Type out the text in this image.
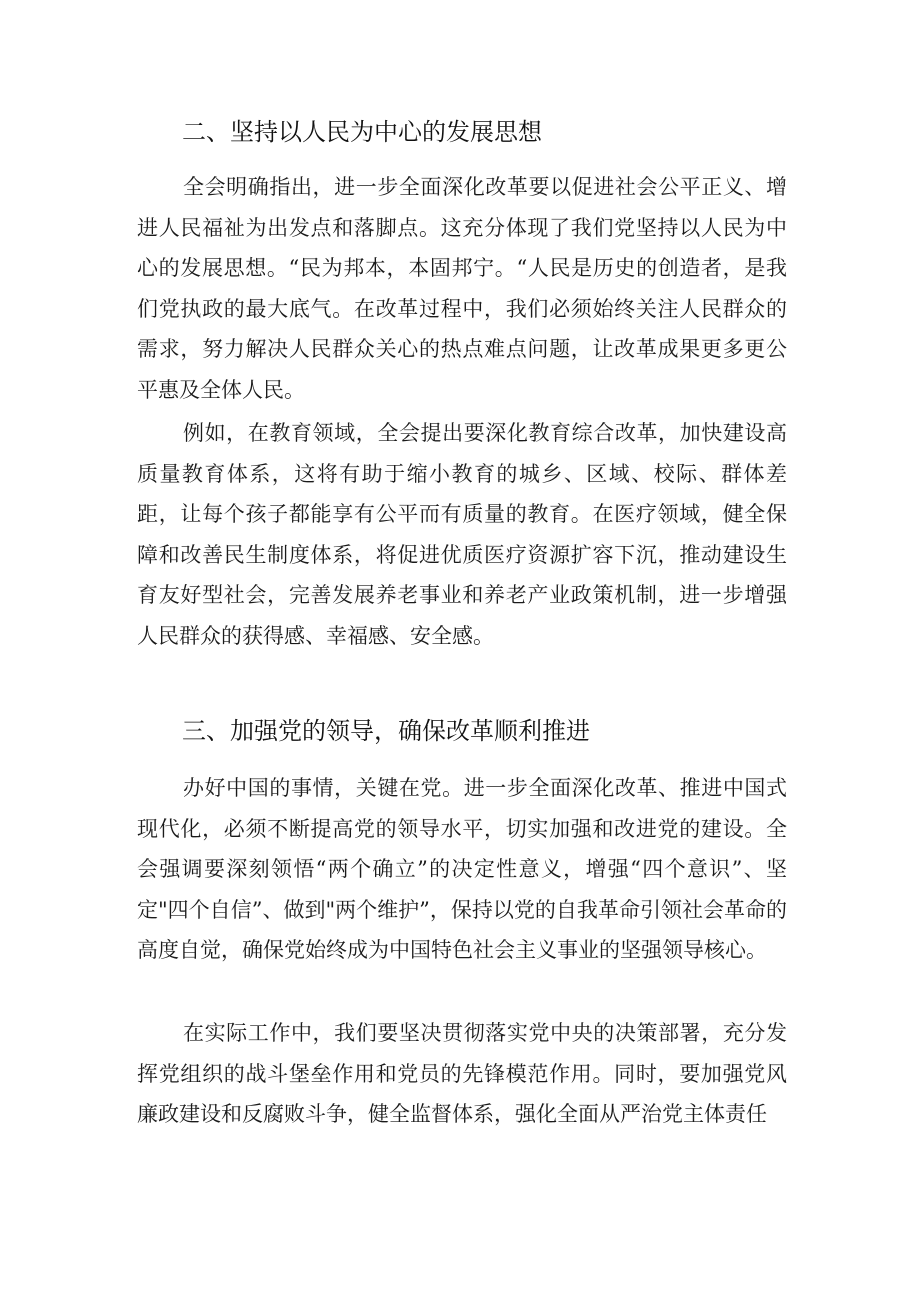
二、坚持以人民为中心的发展思想

全会明确指出，进一步全面深化改革要以促进社会公平正义、增进人民福祉为出发点和落脚点。这充分体现了我们党坚持以人民为中心的发展思想。“民为邦本，本固邦宁。“人民是历史的创造者，是我们党执政的最大底气。在改革过程中，我们必须始终关注人民群众的需求，努力解决人民群众关心的热点难点问题，让改革成果更多更公平惠及全体人民。

例如，在教育领域，全会提出要深化教育综合改革，加快建设高质量教育体系，这将有助于缩小教育的城乡、区域、校际、群体差距，让每个孩子都能享有公平而有质量的教育。在医疗领域，健全保障和改善民生制度体系，将促进优质医疗资源扩容下沉，推动建设生育友好型社会，完善发展养老事业和养老产业政策机制，进一步增强人民群众的获得感、幸福感、安全感。

三、加强党的领导，确保改革顺利推进

办好中国的事情，关键在党。进一步全面深化改革、推进中国式现代化，必须不断提高党的领导水平，切实加强和改进党的建设。全会强调要深刻领悟“两个确立”的决定性意义，增强“四个意识”、坚定"四个自信”、做到"两个维护”，保持以党的自我革命引领社会革命的高度自觉，确保党始终成为中国特色社会主义事业的坚强领导核心。

在实际工作中，我们要坚决贯彻落实党中央的决策部署，充分发挥党组织的战斗堡垒作用和党员的先锋模范作用。同时，要加强党风廉政建设和反腐败斗争，健全监督体系，强化全面从严治党主体责任
